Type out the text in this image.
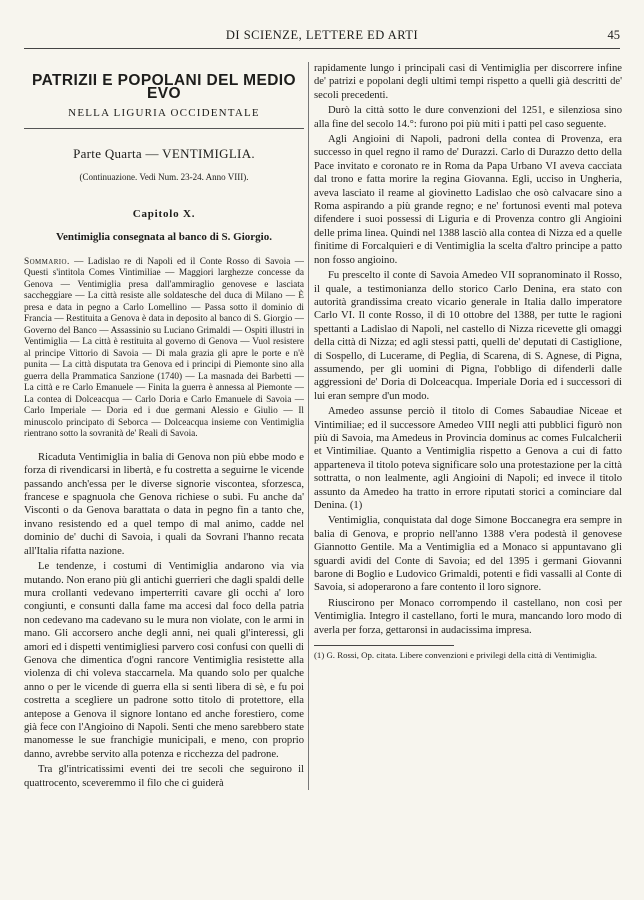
DI SCIENZE, LETTERE ED ARTI	45
PATRIZII E POPOLANI DEL MEDIO EVO
NELLA LIGURIA OCCIDENTALE
Parte Quarta — VENTIMIGLIA.
(Continuazione. Vedi Num. 23-24. Anno VIII).
Capitolo X.
Ventimiglia consegnata al banco di S. Giorgio.
Sommario. — Ladislao re di Napoli ed il Conte Rosso di Savoia — Questi s'intitola Comes Vintimiliae — Maggiori larghezze concesse da Genova — Ventimiglia presa dall'ammiraglio genovese e lasciata saccheggiare — La città resiste alle soldatesche del duca di Milano — È presa e data in pegno a Carlo Lomellino — Passa sotto il dominio di Francia — Restituita a Genova è data in deposito al banco di S. Giorgio — Governo del Banco — Assassinio su Luciano Grimaldi — Ospiti illustri in Ventimiglia — La città è restituita al governo di Genova — Vuol resistere al principe Vittorio di Savoia — Di mala grazia gli apre le porte e n'è punita — La città disputata tra Genova ed i principi di Piemonte sino alla guerra della Prammatica Sanzione (1740) — La masnada dei Barbetti — La città e re Carlo Emanuele — Finita la guerra è annessa al Piemonte — La contea di Dolceacqua — Carlo Doria e Carlo Emanuele di Savoia — Carlo Imperiale — Doria ed i due germani Alessio e Giulio — Il minuscolo principato di Seborca — Dolceacqua insieme con Ventimiglia rientrano sotto la sovranità de' Reali di Savoia.

Ricaduta Ventimiglia in balia di Genova non più ebbe modo e forza di rivendicarsi in libertà, e fu costretta a seguirne le vicende passando anch'essa per le diverse signorie viscontea, sforzesca, francese e spagnuola che Genova richiese o subì. Fu anche da' Visconti o da Genova barattata o data in pegno fin a tanto che, invano resistendo ed a quel tempo di mal animo, cadde nel dominio de' duchi di Savoia, i quali da Sovrani l'hanno recata all'Italia rifatta nazione.

Le tendenze, i costumi di Ventimiglia andarono via via mutando. Non erano più gli antichi guerrieri che dagli spaldi delle mura crollanti vedevano imperterriti cavare gli occhi a' loro congiunti, e consunti dalla fame ma accesi dal foco della patria non cedevano ma cadevano su le mura non violate, con le armi in mano. Gli accorsero anche degli anni, nei quali gl'interessi, gli amori ed i dispetti ventimigliesi parvero così confusi con quelli di Genova che dimentica d'ogni rancore Ventimiglia resistette alla violenza di chi voleva staccarnela. Ma quando solo per qualche anno o per le vicende di guerra ella si sentì libera di sè, e fu poi costretta a scegliere un padrone sotto titolo di protettore, ella antepose a Genova il signore lontano ed anche forestiero, come già fece con l'Angioino di Napoli. Senti che meno sarebbero state manomesse le sue franchigie municipali, e meno, con proprio danno, avrebbe servito alla potenza e ricchezza del padrone.

Tra gl'intricatissimi eventi dei tre secoli che seguirono il quattrocento, sceveremmo il filo che ci guiderà

rapidamente lungo i principali casi di Ventimiglia per discorrere infine de' patrizi e popolani degli ultimi tempi rispetto a quelli già descritti de' secoli precedenti.

Durò la città sotto le dure convenzioni del 1251, e silenziosa sino alla fine del secolo 14.°: furono poi più miti i patti pel caso seguente.

Agli Angioini di Napoli, padroni della contea di Provenza, era successo in quel regno il ramo de' Durazzi. Carlo di Durazzo detto della Pace invitato e coronato re in Roma da Papa Urbano VI aveva cacciata dal trono e fatta morire la regina Giovanna. Egli, ucciso in Ungheria, aveva lasciato il reame al giovinetto Ladislao che osò calvacare sino a Roma aspirando a più grande regno; e ne' fortunosi eventi mal poteva difendere i suoi possessi di Liguria e di Provenza contro gli Angioini delle prima linea. Quindi nel 1388 lasciò alla contea di Nizza ed a quelle finitime di Forcalquieri e di Ventimiglia la scelta d'altro principe a patto non fosso angioino.

Fu prescelto il conte di Savoia Amedeo VII sopranominato il Rosso, il quale, a testimonianza dello storico Carlo Denina, era stato con autorità grandissima creato vicario generale in Italia dallo imperatore Carlo VI. Il conte Rosso, il dì 10 ottobre del 1388, per tutte le ragioni spettanti a Ladislao di Napoli, nel castello di Nizza ricevette gli omaggi della città di Nizza; ed agli stessi patti, quelli de' deputati di Castiglione, di Sospello, di Lucerame, di Peglia, di Scarena, di S. Agnese, di Pigna, assumendo, per gli uomini di Pigna, l'obbligo di difenderli dalle aggressioni de' Doria di Dolceacqua. Imperiale Doria ed i successori di lui eran sempre d'un modo.

Amedeo assunse perciò il titolo di Comes Sabaudiae Niceae et Vintimiliae; ed il successore Amedeo VIII negli atti pubblici figurò non più di Savoia, ma Amedeus in Provincia dominus ac comes Fulcalcherii et Vintimiliae. Quanto a Ventimiglia rispetto a Genova a cui di fatto apparteneva il titolo poteva significare solo una protestazione per la città sottratta, o non lealmente, agli Angioini di Napoli; ed invece il titolo assunto da Amedeo ha tratto in errore riputati storici a cominciare dal Denina. (1)

Ventimiglia, conquistata dal doge Simone Boccanegra era sempre in balia di Genova, e proprio nell'anno 1388 v'era podestà il genovese Giannotto Gentile. Ma a Ventimiglia ed a Monaco si appuntavano gli sguardi avidi del Conte di Savoia; ed del 1395 i germani Giovanni barone di Boglio e Ludovico Grimaldi, potenti e fidi vassalli al Conte di Savoia, si adoperarono a fare contento il loro signore.

Riuscirono per Monaco corrompendo il castellano, non così per Ventimiglia. Integro il castellano, forti le mura, mancando loro modo di averla per forza, gettaronsi in audacissima impresa.

(1) G. Rossi, Op. citata. Libere convenzioni e privilegi della città di Ventimiglia.
